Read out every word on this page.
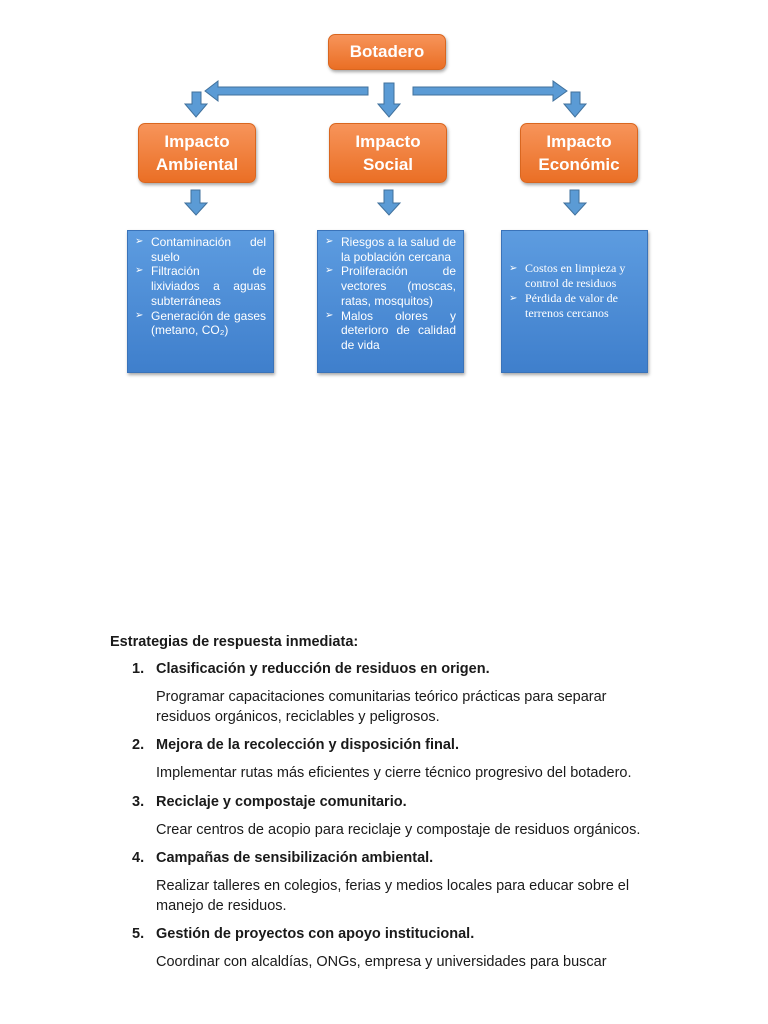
Botadero
Impacto
Ambiental
Impacto
Social
Impacto
Económic
➢ Contaminación del suelo
➢ Filtración de lixiviados a aguas subterráneas
➢ Generación de gases (metano, CO₂)
➢ Riesgos a la salud de la población cercana
➢ Proliferación de vectores (moscas, ratas, mosquitos)
➢ Malos olores y deterioro de calidad de vida
➢ Costos en limpieza y control de residuos
➢ Pérdida de valor de terrenos cercanos
Estrategias de respuesta inmediata:
1. Clasificación y reducción de residuos en origen.
Programar capacitaciones comunitarias teórico prácticas para separar residuos orgánicos, reciclables y peligrosos.
2. Mejora de la recolección y disposición final.
Implementar rutas más eficientes y cierre técnico progresivo del botadero.
3. Reciclaje y compostaje comunitario.
Crear centros de acopio para reciclaje y compostaje de residuos orgánicos.
4. Campañas de sensibilización ambiental.
Realizar talleres en colegios, ferias y medios locales para educar sobre el manejo de residuos.
5. Gestión de proyectos con apoyo institucional.
Coordinar con alcaldías, ONGs, empresa y universidades para buscar
